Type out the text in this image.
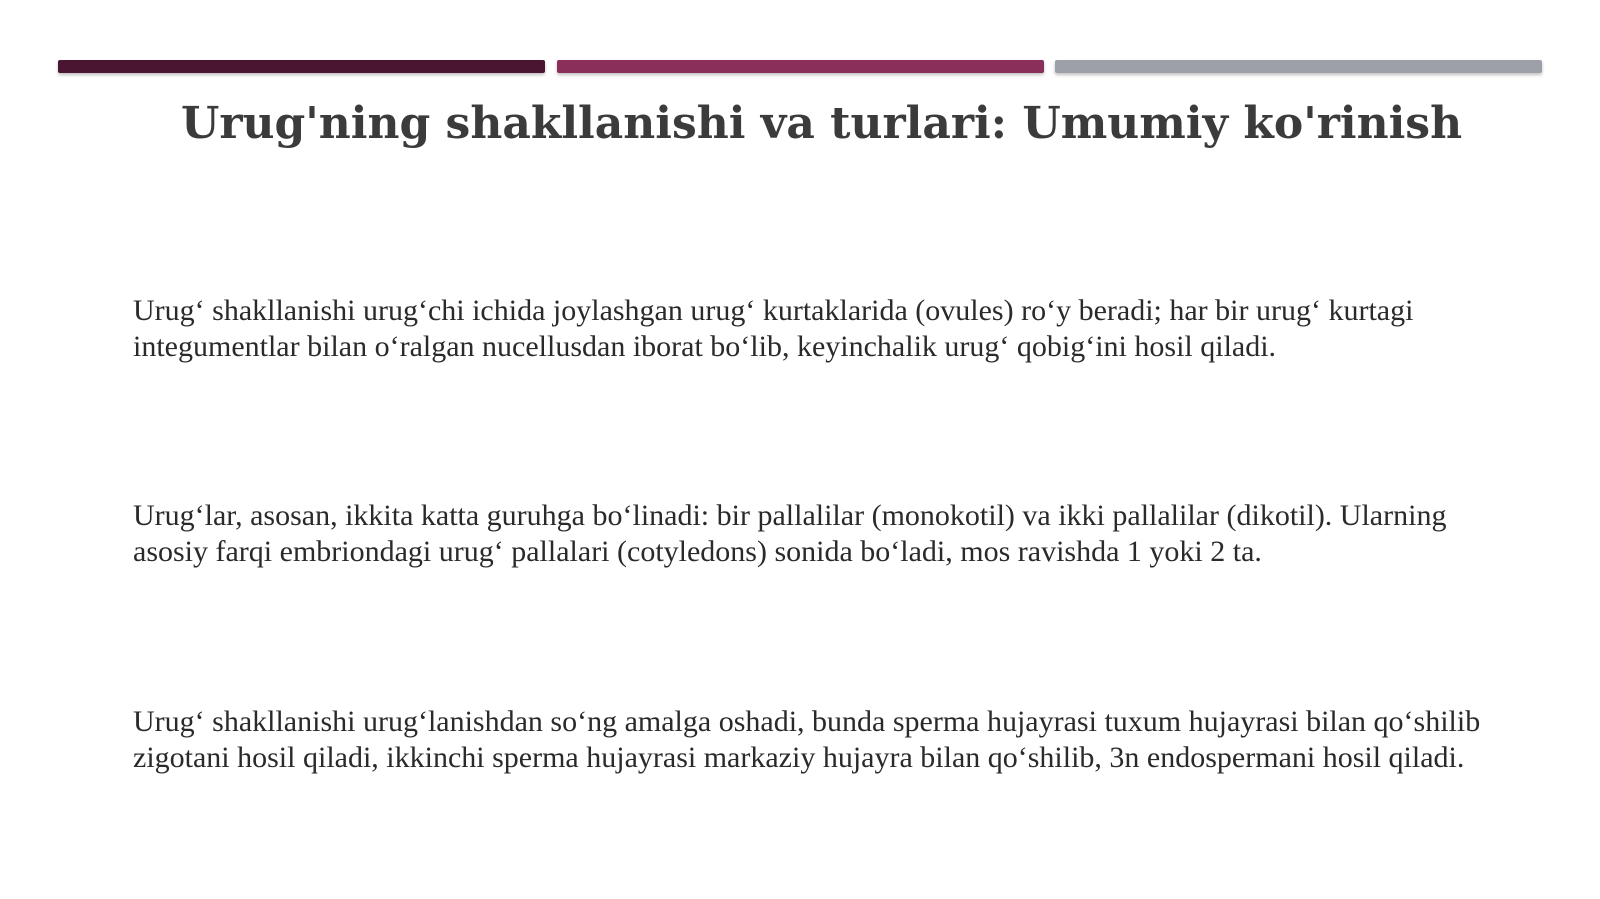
Urug'ning shakllanishi va turlari: Umumiy ko'rinish

Urug‘ shakllanishi urug‘chi ichida joylashgan urug‘ kurtaklarida (ovules) ro‘y beradi; har bir urug‘ kurtagi integumentlar bilan o‘ralgan nucellusdan iborat bo‘lib, keyinchalik urug‘ qobig‘ini hosil qiladi.

Urug‘lar, asosan, ikkita katta guruhga bo‘linadi: bir pallalilar (monokotil) va ikki pallalilar (dikotil). Ularning asosiy farqi embriondagi urug‘ pallalari (cotyledons) sonida bo‘ladi, mos ravishda 1 yoki 2 ta.

Urug‘ shakllanishi urug‘lanishdan so‘ng amalga oshadi, bunda sperma hujayrasi tuxum hujayrasi bilan qo‘shilib zigotani hosil qiladi, ikkinchi sperma hujayrasi markaziy hujayra bilan qo‘shilib, 3n endospermani hosil qiladi.
